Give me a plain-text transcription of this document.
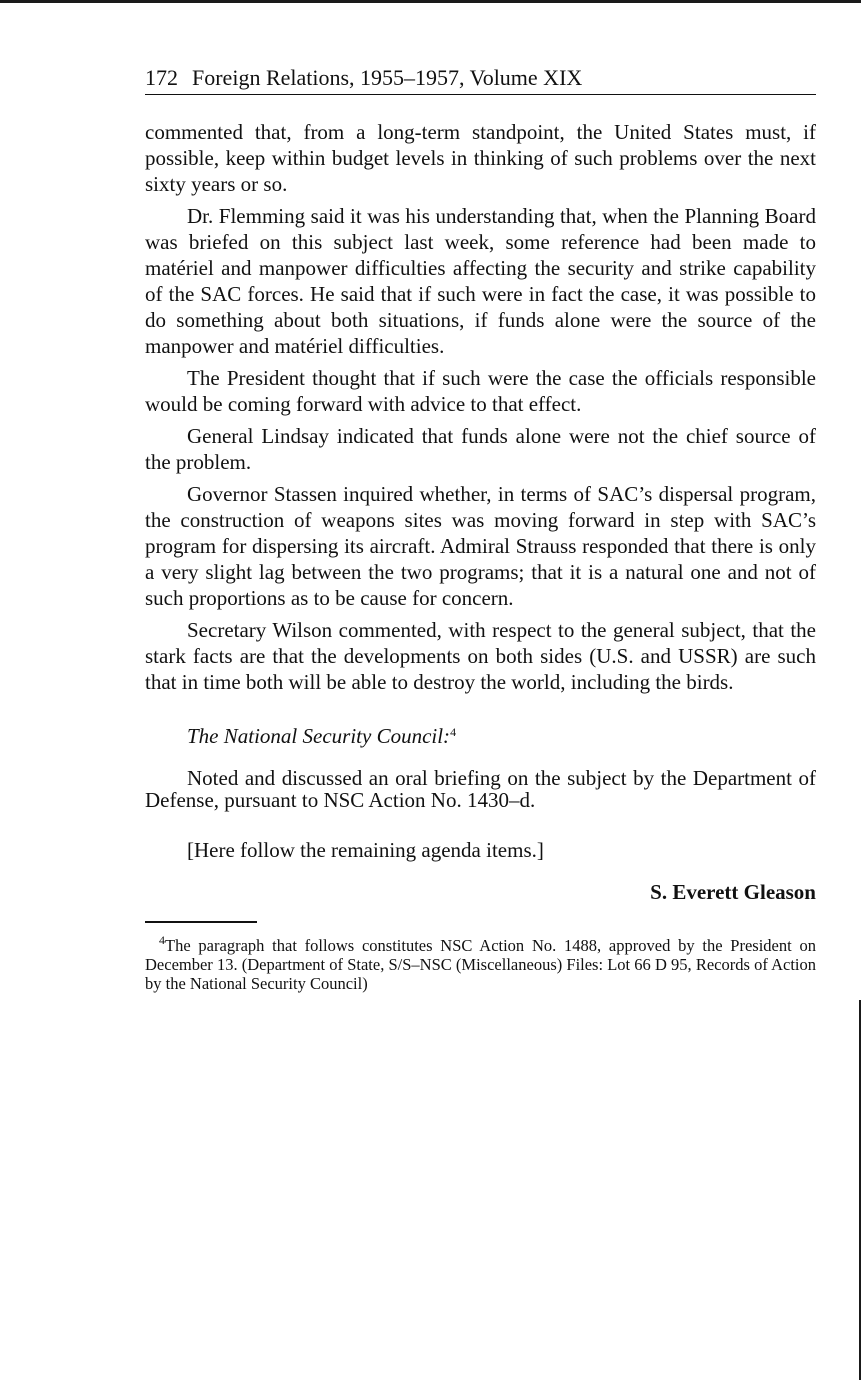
172 Foreign Relations, 1955–1957, Volume XIX

commented that, from a long-term standpoint, the United States must, if possible, keep within budget levels in thinking of such problems over the next sixty years or so.

Dr. Flemming said it was his understanding that, when the Planning Board was briefed on this subject last week, some reference had been made to matériel and manpower difficulties affecting the security and strike capability of the SAC forces. He said that if such were in fact the case, it was possible to do something about both situations, if funds alone were the source of the manpower and matériel difficulties.

The President thought that if such were the case the officials responsible would be coming forward with advice to that effect.

General Lindsay indicated that funds alone were not the chief source of the problem.

Governor Stassen inquired whether, in terms of SAC’s dispersal program, the construction of weapons sites was moving forward in step with SAC’s program for dispersing its aircraft. Admiral Strauss responded that there is only a very slight lag between the two programs; that it is a natural one and not of such proportions as to be cause for concern.

Secretary Wilson commented, with respect to the general subject, that the stark facts are that the developments on both sides (U.S. and USSR) are such that in time both will be able to destroy the world, including the birds.

The National Security Council:$^4$

Noted and discussed an oral briefing on the subject by the Department of Defense, pursuant to NSC Action No. 1430–d.

[Here follow the remaining agenda items.]
S. Everett Gleason
$^4$The paragraph that follows constitutes NSC Action No. 1488, approved by the President on December 13. (Department of State, S/S–NSC (Miscellaneous) Files: Lot 66 D 95, Records of Action by the National Security Council)
